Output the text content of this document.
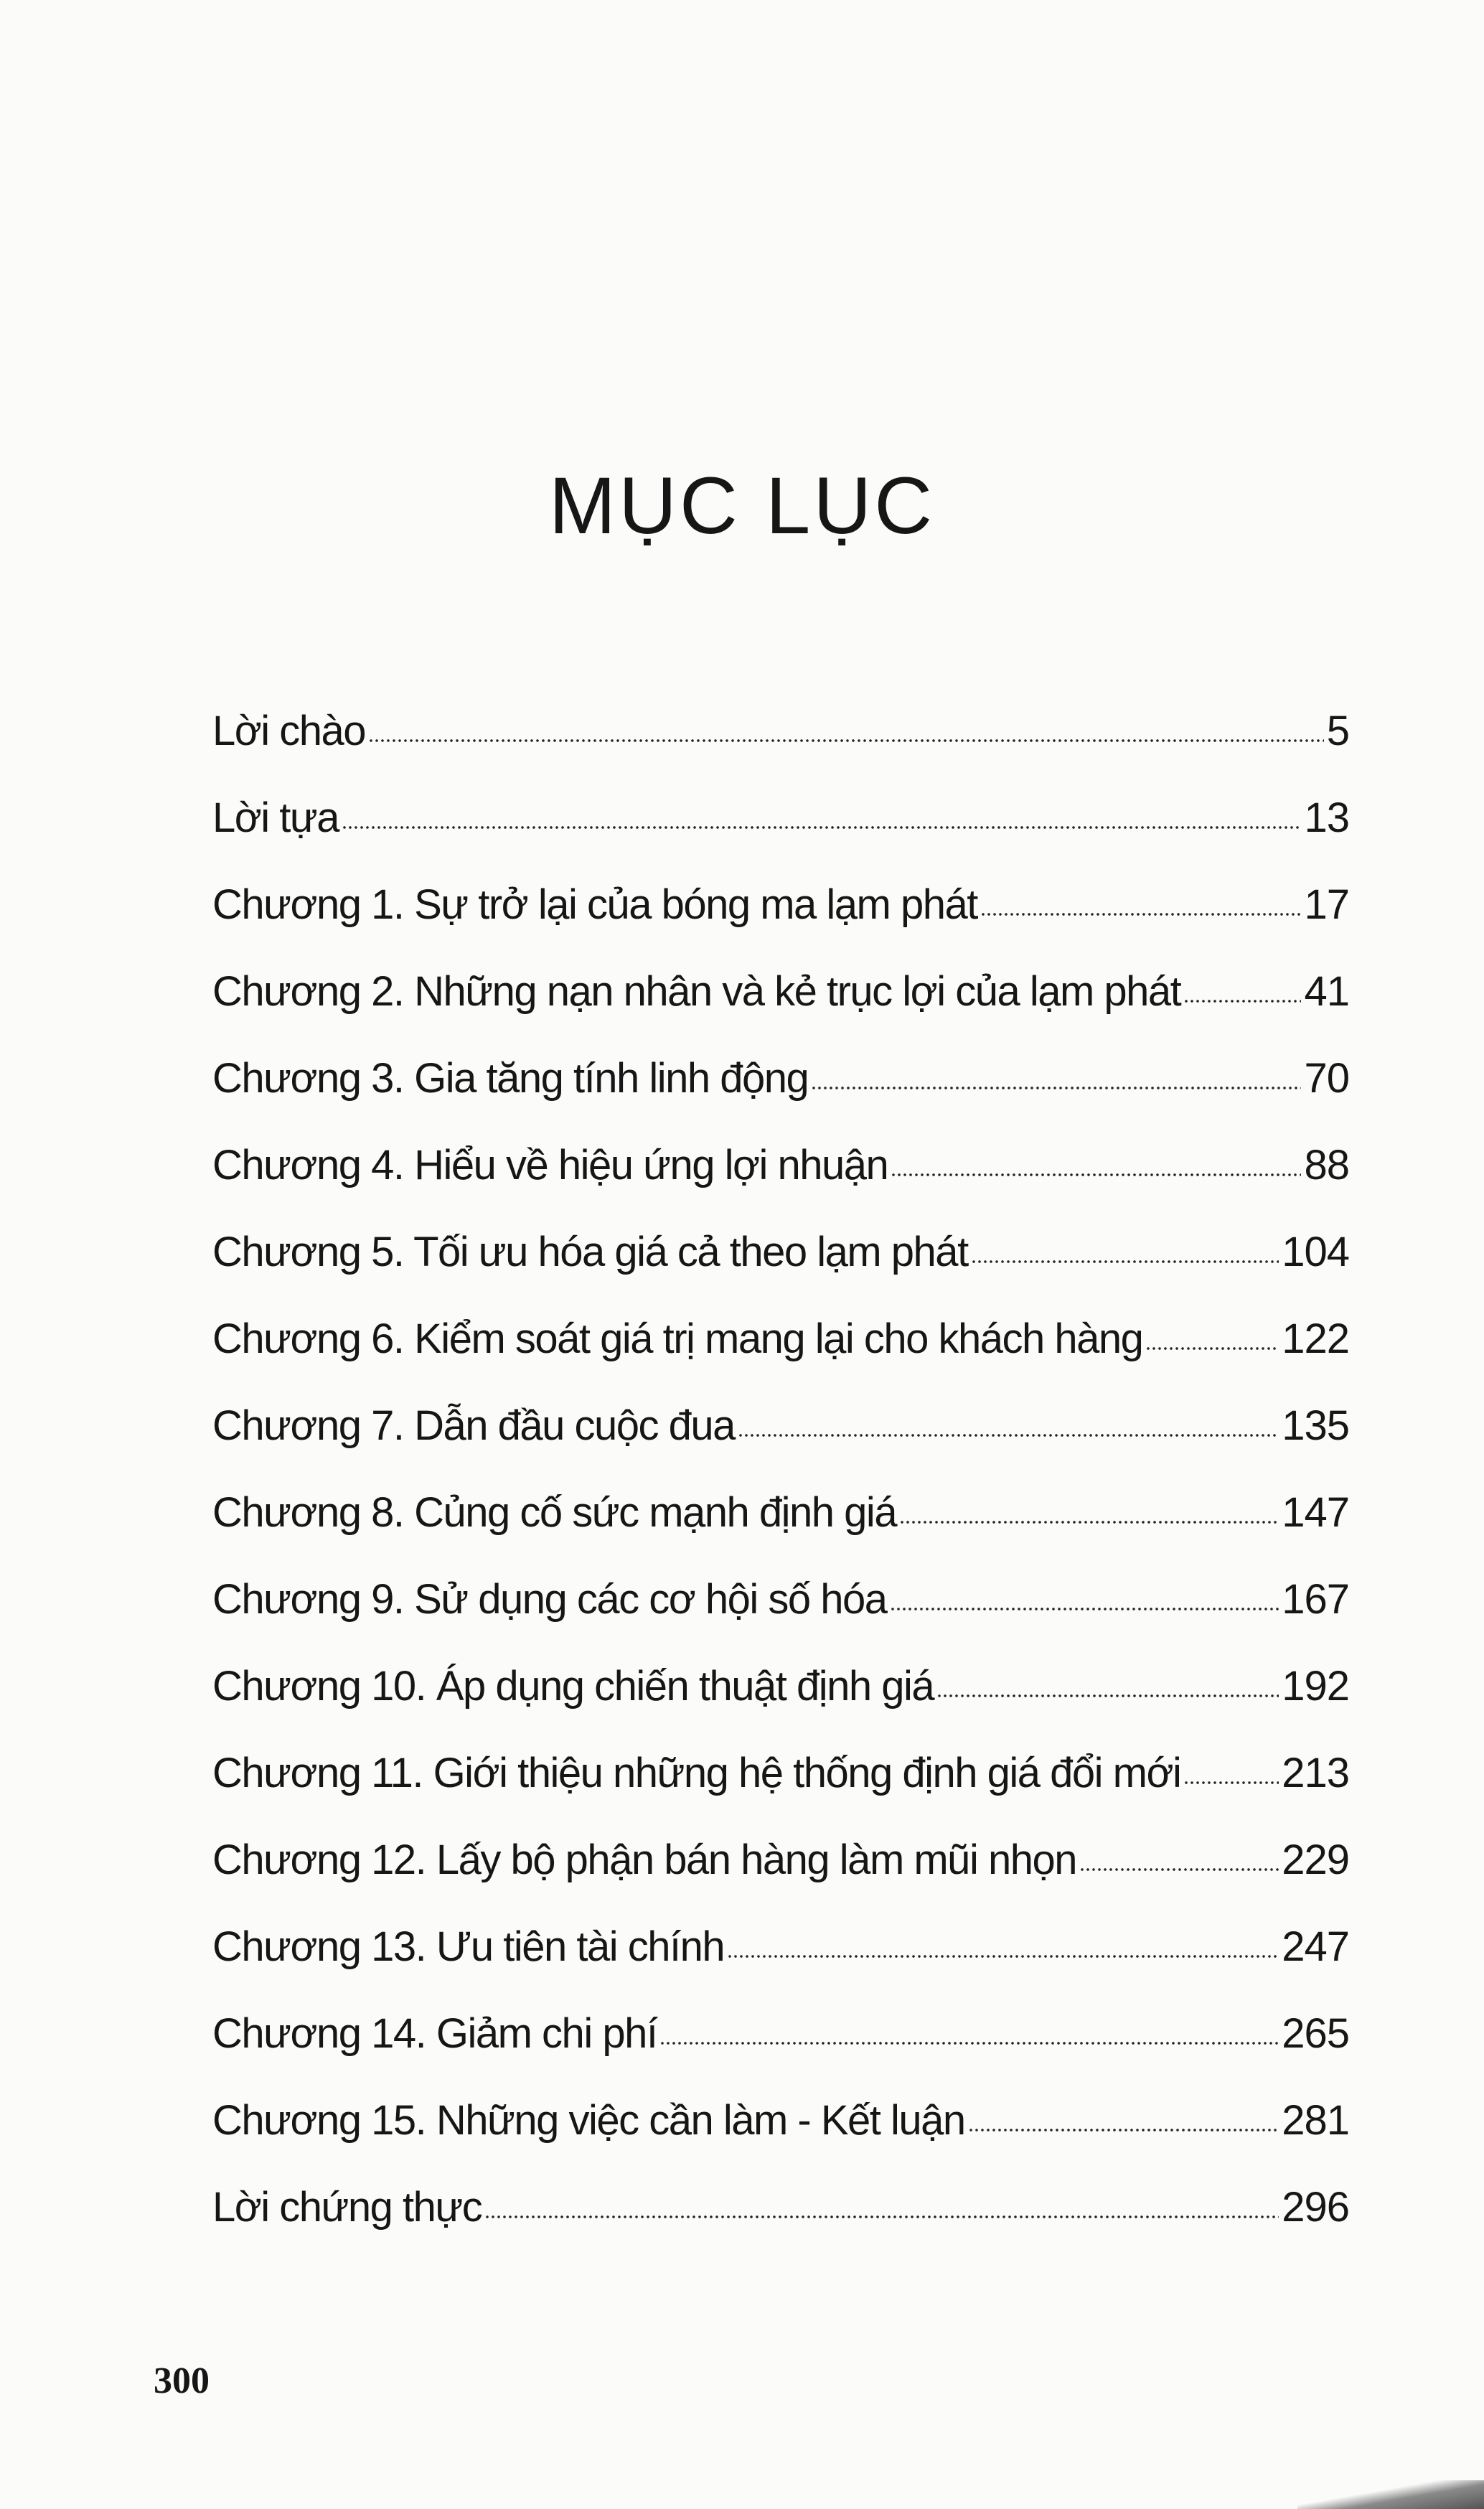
MỤC LỤC
Lời chào	5
Lời tựa	13
Chương 1. Sự trở lại của bóng ma lạm phát	17
Chương 2. Những nạn nhân và kẻ trục lợi của lạm phát	41
Chương 3. Gia tăng tính linh động	70
Chương 4. Hiểu về hiệu ứng lợi nhuận	88
Chương 5. Tối ưu hóa giá cả theo lạm phát	104
Chương 6. Kiểm soát giá trị mang lại cho khách hàng	122
Chương 7. Dẫn đầu cuộc đua	135
Chương 8. Củng cố sức mạnh định giá	147
Chương 9. Sử dụng các cơ hội số hóa	167
Chương 10. Áp dụng chiến thuật định giá	192
Chương 11. Giới thiệu những hệ thống định giá đổi mới 213
Chương 12. Lấy bộ phận bán hàng làm mũi nhọn	229
Chương 13. Ưu tiên tài chính	247
Chương 14. Giảm chi phí	265
Chương 15. Những việc cần làm - Kết luận	281
Lời chứng thực	296
300
